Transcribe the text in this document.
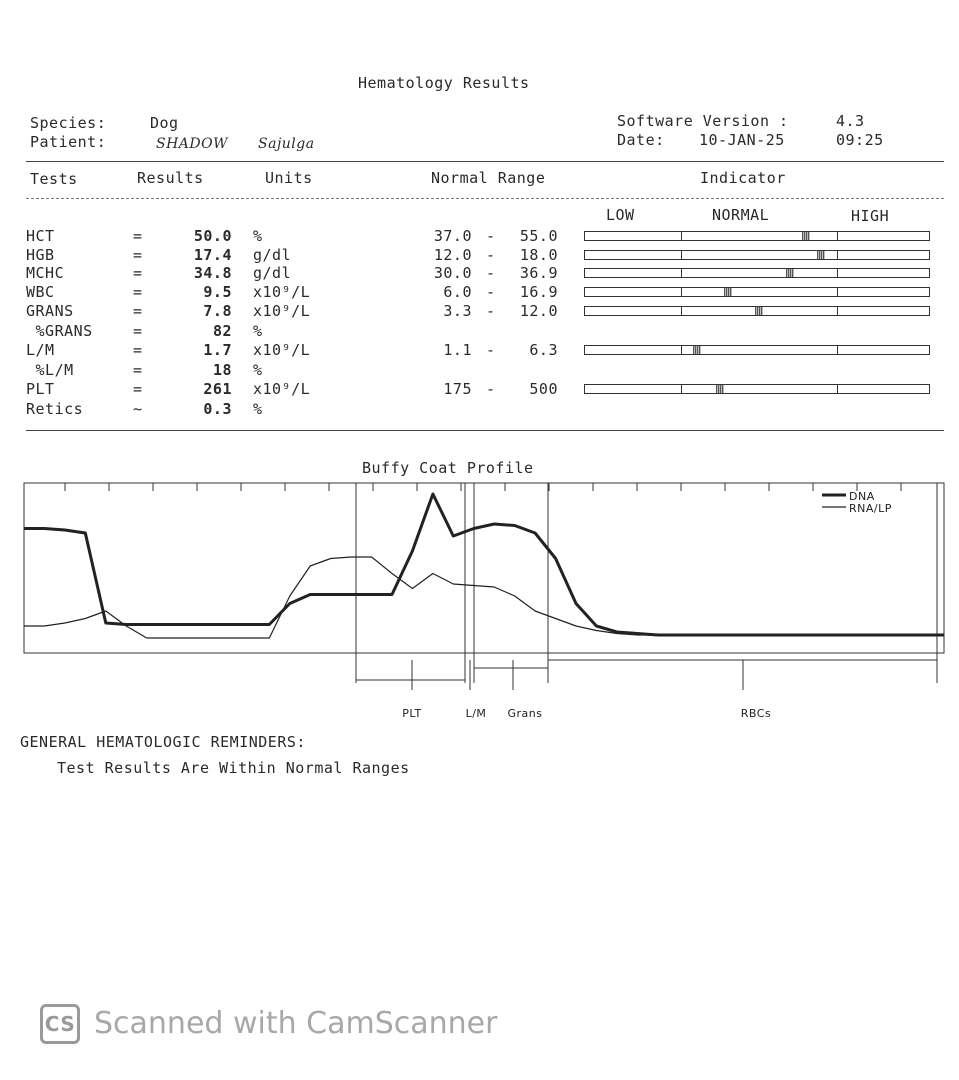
Hematology Results
Species:	Dog
Patient:	SHADOW Sajulga
Software Version :	4.3
Date: 10-JAN-25	09:25
Tests	Results	Units	Normal Range	Indicator
LOW	NORMAL	HIGH
HCT	=	50.0 %	37.0 -	55.0
HGB	=	17.4 g/dl	12.0 -	18.0
MCHC	=	34.8 g/dl	30.0 -	36.9
WBC	=	9.5 x10⁹/L	6.0 -	16.9
GRANS	=	7.8 x10⁹/L	3.3 -	12.0
%GRANS	=	82 %
L/M	=	1.7 x10⁹/L	1.1 -	6.3
%L/M	=	18 %
PLT	=	261 x10⁹/L	175 -	500
Retics	~	0.3 %
Buffy Coat Profile
DNA
RNA/LP
PLT	L/M Grans	RBCs
GENERAL HEMATOLOGIC REMINDERS:
Test Results Are Within Normal Ranges
CS Scanned with CamScanner
